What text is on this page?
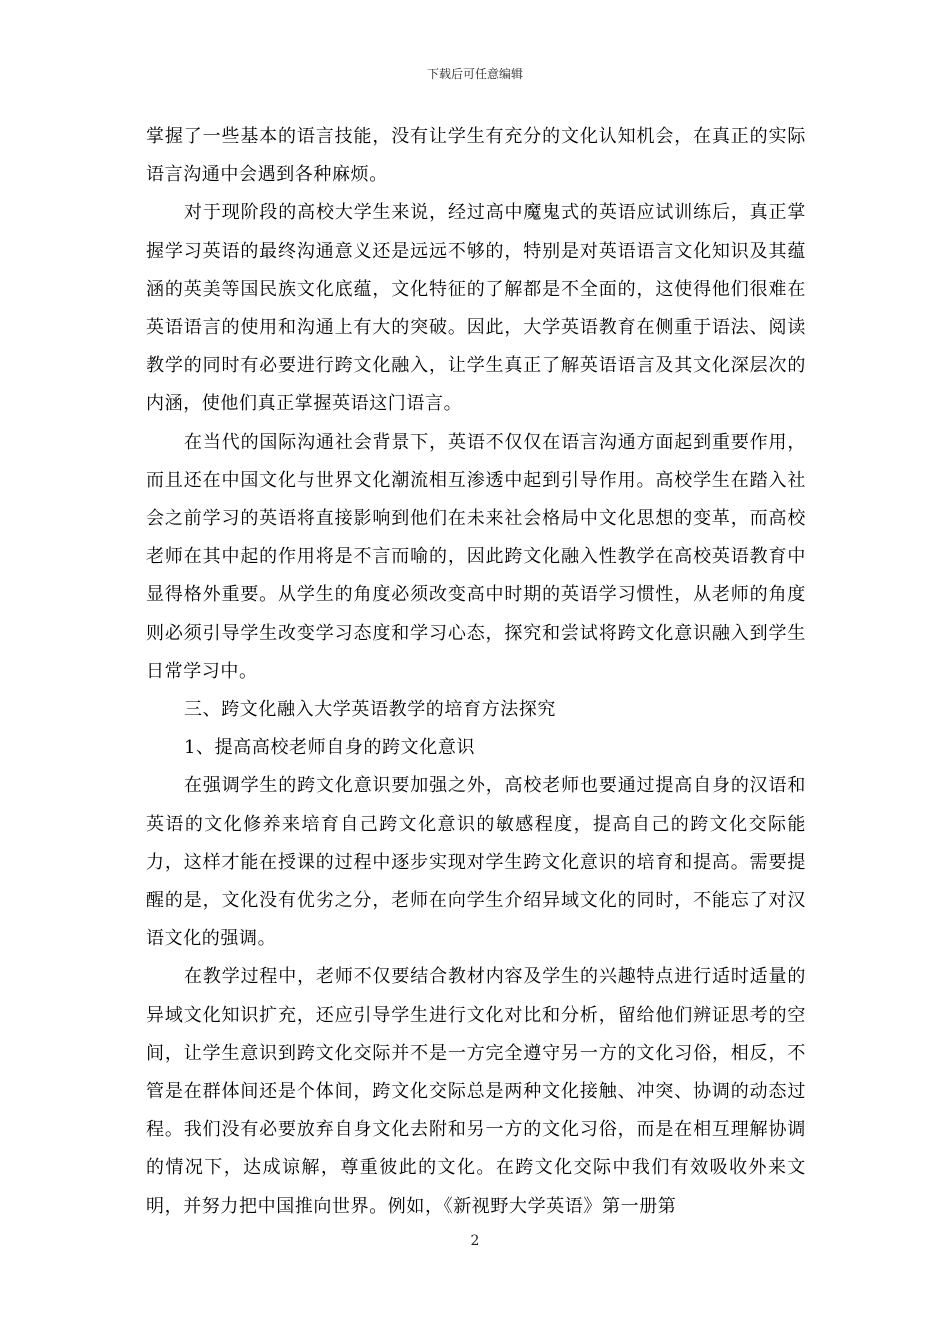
下载后可任意编辑

掌握了一些基本的语言技能，没有让学生有充分的文化认知机会，在真正的实际语言沟通中会遇到各种麻烦。

对于现阶段的高校大学生来说，经过高中魔鬼式的英语应试训练后，真正掌握学习英语的最终沟通意义还是远远不够的，特别是对英语语言文化知识及其蕴涵的英美等国民族文化底蕴，文化特征的了解都是不全面的，这使得他们很难在英语语言的使用和沟通上有大的突破。因此，大学英语教育在侧重于语法、阅读教学的同时有必要进行跨文化融入，让学生真正了解英语语言及其文化深层次的内涵，使他们真正掌握英语这门语言。

在当代的国际沟通社会背景下，英语不仅仅在语言沟通方面起到重要作用，而且还在中国文化与世界文化潮流相互渗透中起到引导作用。高校学生在踏入社会之前学习的英语将直接影响到他们在未来社会格局中文化思想的变革，而高校老师在其中起的作用将是不言而喻的，因此跨文化融入性教学在高校英语教育中显得格外重要。从学生的角度必须改变高中时期的英语学习惯性，从老师的角度则必须引导学生改变学习态度和学习心态，探究和尝试将跨文化意识融入到学生日常学习中。

三、跨文化融入大学英语教学的培育方法探究

1、提高高校老师自身的跨文化意识

在强调学生的跨文化意识要加强之外，高校老师也要通过提高自身的汉语和英语的文化修养来培育自己跨文化意识的敏感程度，提高自己的跨文化交际能力，这样才能在授课的过程中逐步实现对学生跨文化意识的培育和提高。需要提醒的是，文化没有优劣之分，老师在向学生介绍异域文化的同时，不能忘了对汉语文化的强调。

在教学过程中，老师不仅要结合教材内容及学生的兴趣特点进行适时适量的异域文化知识扩充，还应引导学生进行文化对比和分析，留给他们辨证思考的空间，让学生意识到跨文化交际并不是一方完全遵守另一方的文化习俗，相反，不管是在群体间还是个体间，跨文化交际总是两种文化接触、冲突、协调的动态过程。我们没有必要放弃自身文化去附和另一方的文化习俗，而是在相互理解协调的情况下，达成谅解，尊重彼此的文化。在跨文化交际中我们有效吸收外来文明，并努力把中国推向世界。例如，《新视野大学英语》第一册第

2
